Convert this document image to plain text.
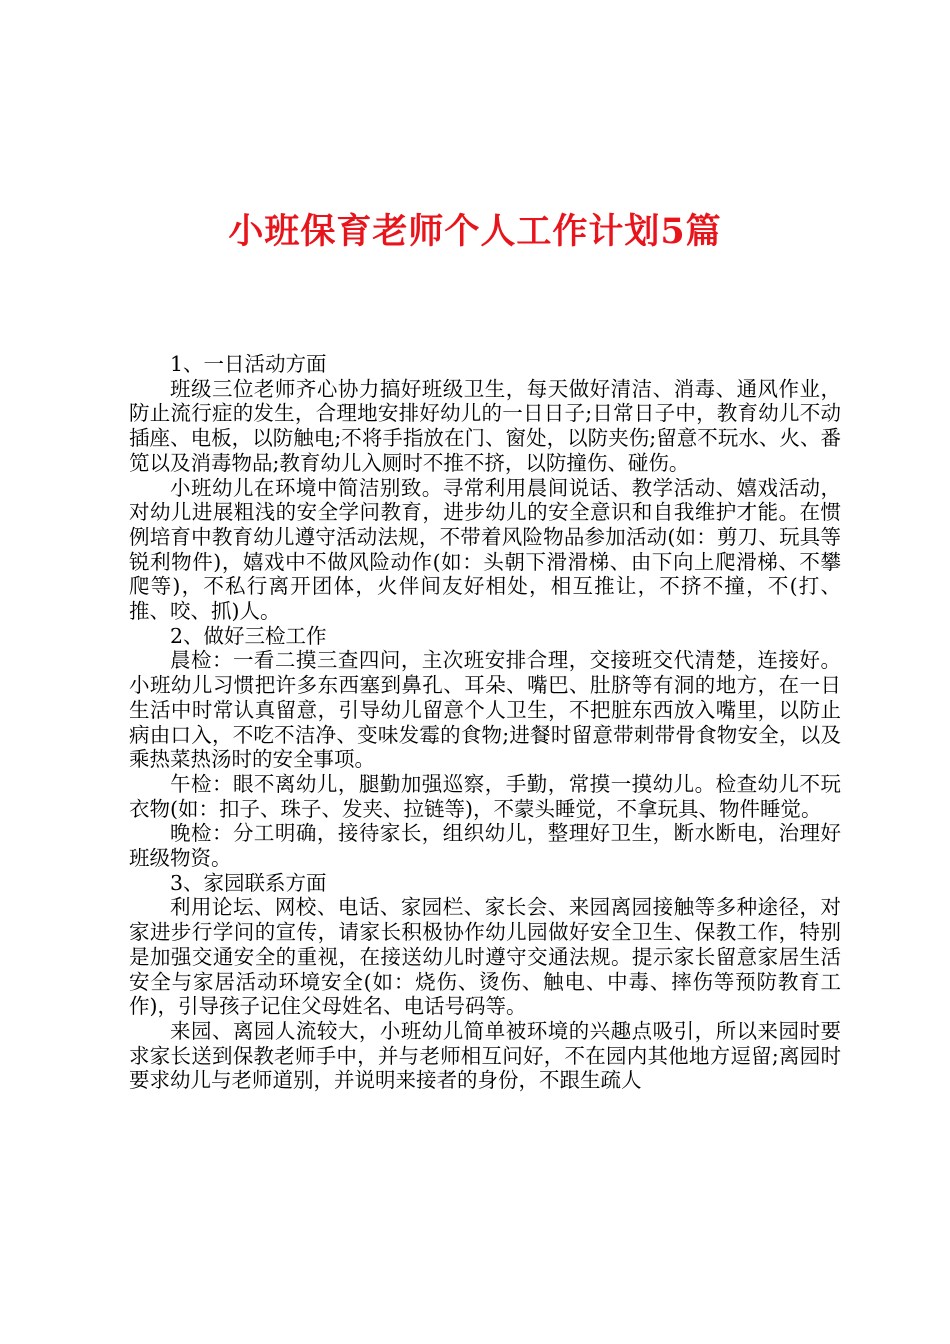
小班保育老师个人工作计划5篇

1、一日活动方面

班级三位老师齐心协力搞好班级卫生，每天做好清洁、消毒、通风作业，防止流行症的发生，合理地安排好幼儿的一日日子;日常日子中，教育幼儿不动插座、电板，以防触电;不将手指放在门、窗处，以防夹伤;留意不玩水、火、番笕以及消毒物品;教育幼儿入厕时不推不挤，以防撞伤、碰伤。

小班幼儿在环境中简洁别致。寻常利用晨间说话、教学活动、嬉戏活动，对幼儿进展粗浅的安全学问教育，进步幼儿的安全意识和自我维护才能。在惯例培育中教育幼儿遵守活动法规，不带着风险物品参加活动(如：剪刀、玩具等锐利物件)，嬉戏中不做风险动作(如：头朝下滑滑梯、由下向上爬滑梯、不攀爬等)，不私行离开团体，火伴间友好相处，相互推让，不挤不撞，不(打、推、咬、抓)人。

2、做好三检工作

晨检：一看二摸三查四问，主次班安排合理，交接班交代清楚，连接好。小班幼儿习惯把许多东西塞到鼻孔、耳朵、嘴巴、肚脐等有洞的地方，在一日生活中时常认真留意，引导幼儿留意个人卫生，不把脏东西放入嘴里，以防止病由口入，不吃不洁净、变味发霉的食物;进餐时留意带刺带骨食物安全，以及乘热菜热汤时的安全事项。

午检：眼不离幼儿，腿勤加强巡察，手勤，常摸一摸幼儿。检查幼儿不玩衣物(如：扣子、珠子、发夹、拉链等)，不蒙头睡觉，不拿玩具、物件睡觉。

晚检：分工明确，接待家长，组织幼儿，整理好卫生，断水断电，治理好班级物资。

3、家园联系方面

利用论坛、网校、电话、家园栏、家长会、来园离园接触等多种途径，对家进步行学问的宣传，请家长积极协作幼儿园做好安全卫生、保教工作，特别是加强交通安全的重视，在接送幼儿时遵守交通法规。提示家长留意家居生活安全与家居活动环境安全(如：烧伤、烫伤、触电、中毒、摔伤等预防教育工作)，引导孩子记住父母姓名、电话号码等。

来园、离园人流较大，小班幼儿简单被环境的兴趣点吸引，所以来园时要求家长送到保教老师手中，并与老师相互问好，不在园内其他地方逗留;离园时要求幼儿与老师道别，并说明来接者的身份，不跟生疏人
